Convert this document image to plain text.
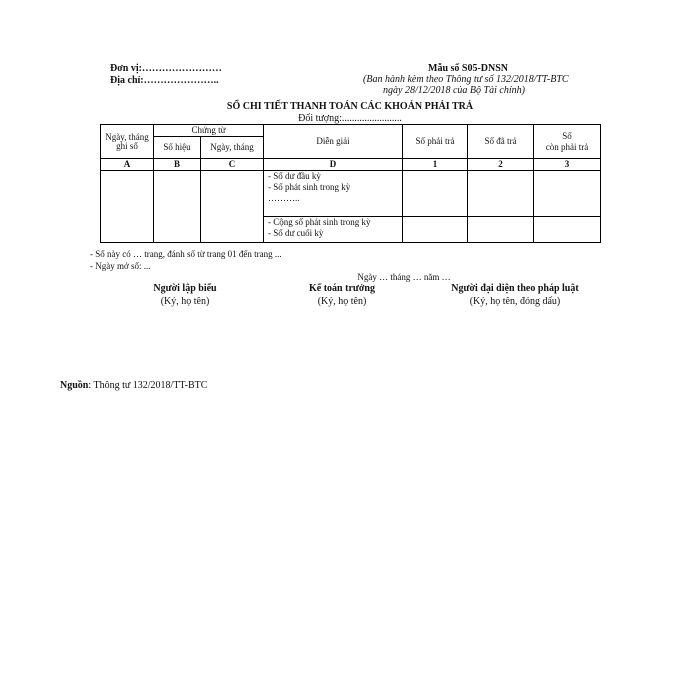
Đơn vị:……………………
Địa chỉ:…………………..
Mẫu số S05-DNSN
(Ban hành kèm theo Thông tư số 132/2018/TT-BTC
ngày 28/12/2018 của Bộ Tài chính)
SỔ CHI TIẾT THANH TOÁN CÁC KHOẢN PHẢI TRẢ
Đối tượng:........................
Ngày, tháng ghi sổ	Chứng từ		Diễn giải	Số phải trả	Số đã trả	Số
còn phải trả

	Số hiệu	Ngày, tháng				
A	B	C	D	1	2	3

			- Số dư đầu kỳ
- Số phát sinh trong kỳ
………..			

			- Cộng số phát sinh trong kỳ
- Số dư cuối kỳ			

- Sổ này có … trang, đánh số từ trang 01 đến trang ...
- Ngày mở sổ: ...
Ngày … tháng … năm …
Người lập biểu
(Ký, họ tên)
Kế toán trưởng
(Ký, họ tên)
Người đại diện theo pháp luật
(Ký, họ tên, đóng dấu)
Nguồn: Thông tư 132/2018/TT-BTC
